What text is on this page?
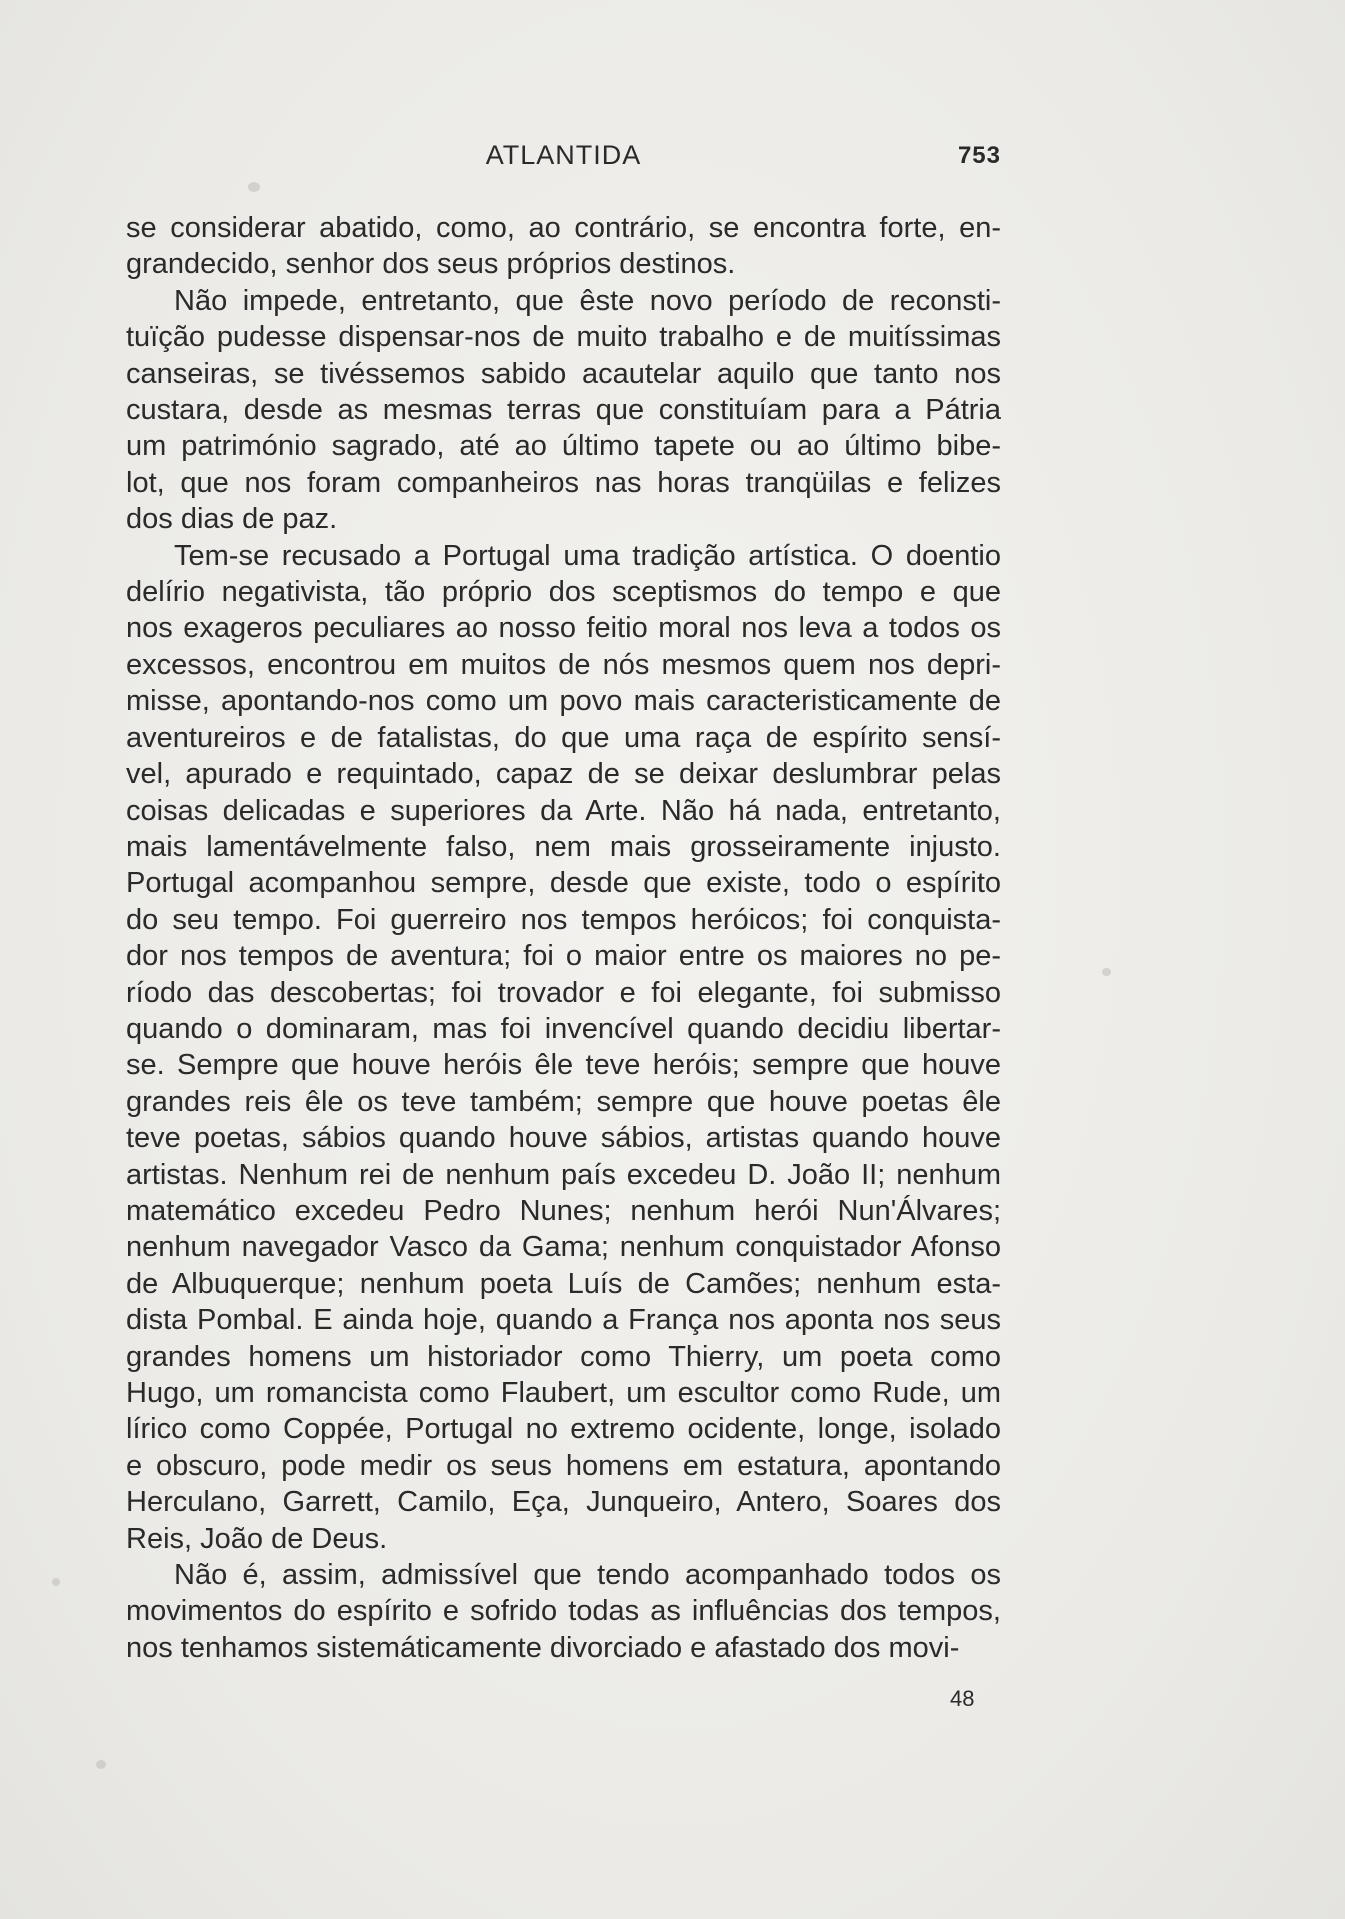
ATLANTIDA	753

se considerar abatido, como, ao contrário, se encontra forte, en-
grandecido, senhor dos seus próprios destinos.

Não impede, entretanto, que êste novo período de reconsti-
tuïção pudesse dispensar-nos de muito trabalho e de muitíssimas
canseiras, se tivéssemos sabido acautelar aquilo que tanto nos
custara, desde as mesmas terras que constituíam para a Pátria
um património sagrado, até ao último tapete ou ao último bibe-
lot, que nos foram companheiros nas horas tranqüilas e felizes
dos dias de paz.

Tem-se recusado a Portugal uma tradição artística. O doentio
delírio negativista, tão próprio dos sceptismos do tempo e que
nos exageros peculiares ao nosso feitio moral nos leva a todos os
excessos, encontrou em muitos de nós mesmos quem nos depri-
misse, apontando-nos como um povo mais caracteristicamente de
aventureiros e de fatalistas, do que uma raça de espírito sensí-
vel, apurado e requintado, capaz de se deixar deslumbrar pelas
coisas delicadas e superiores da Arte. Não há nada, entretanto,
mais lamentávelmente falso, nem mais grosseiramente injusto.
Portugal acompanhou sempre, desde que existe, todo o espírito
do seu tempo. Foi guerreiro nos tempos heróicos; foi conquista-
dor nos tempos de aventura; foi o maior entre os maiores no pe-
ríodo das descobertas; foi trovador e foi elegante, foi submisso
quando o dominaram, mas foi invencível quando decidiu libertar-
se. Sempre que houve heróis êle teve heróis; sempre que houve
grandes reis êle os teve também; sempre que houve poetas êle
teve poetas, sábios quando houve sábios, artistas quando houve
artistas. Nenhum rei de nenhum país excedeu D. João II; nenhum
matemático excedeu Pedro Nunes; nenhum herói Nun'Álvares;
nenhum navegador Vasco da Gama; nenhum conquistador Afonso
de Albuquerque; nenhum poeta Luís de Camões; nenhum esta-
dista Pombal. E ainda hoje, quando a França nos aponta nos seus
grandes homens um historiador como Thierry, um poeta como
Hugo, um romancista como Flaubert, um escultor como Rude, um
lírico como Coppée, Portugal no extremo ocidente, longe, isolado
e obscuro, pode medir os seus homens em estatura, apontando
Herculano, Garrett, Camilo, Eça, Junqueiro, Antero, Soares dos
Reis, João de Deus.

Não é, assim, admissível que tendo acompanhado todos os
movimentos do espírito e sofrido todas as influências dos tempos,
nos tenhamos sistemáticamente divorciado e afastado dos movi-

48
